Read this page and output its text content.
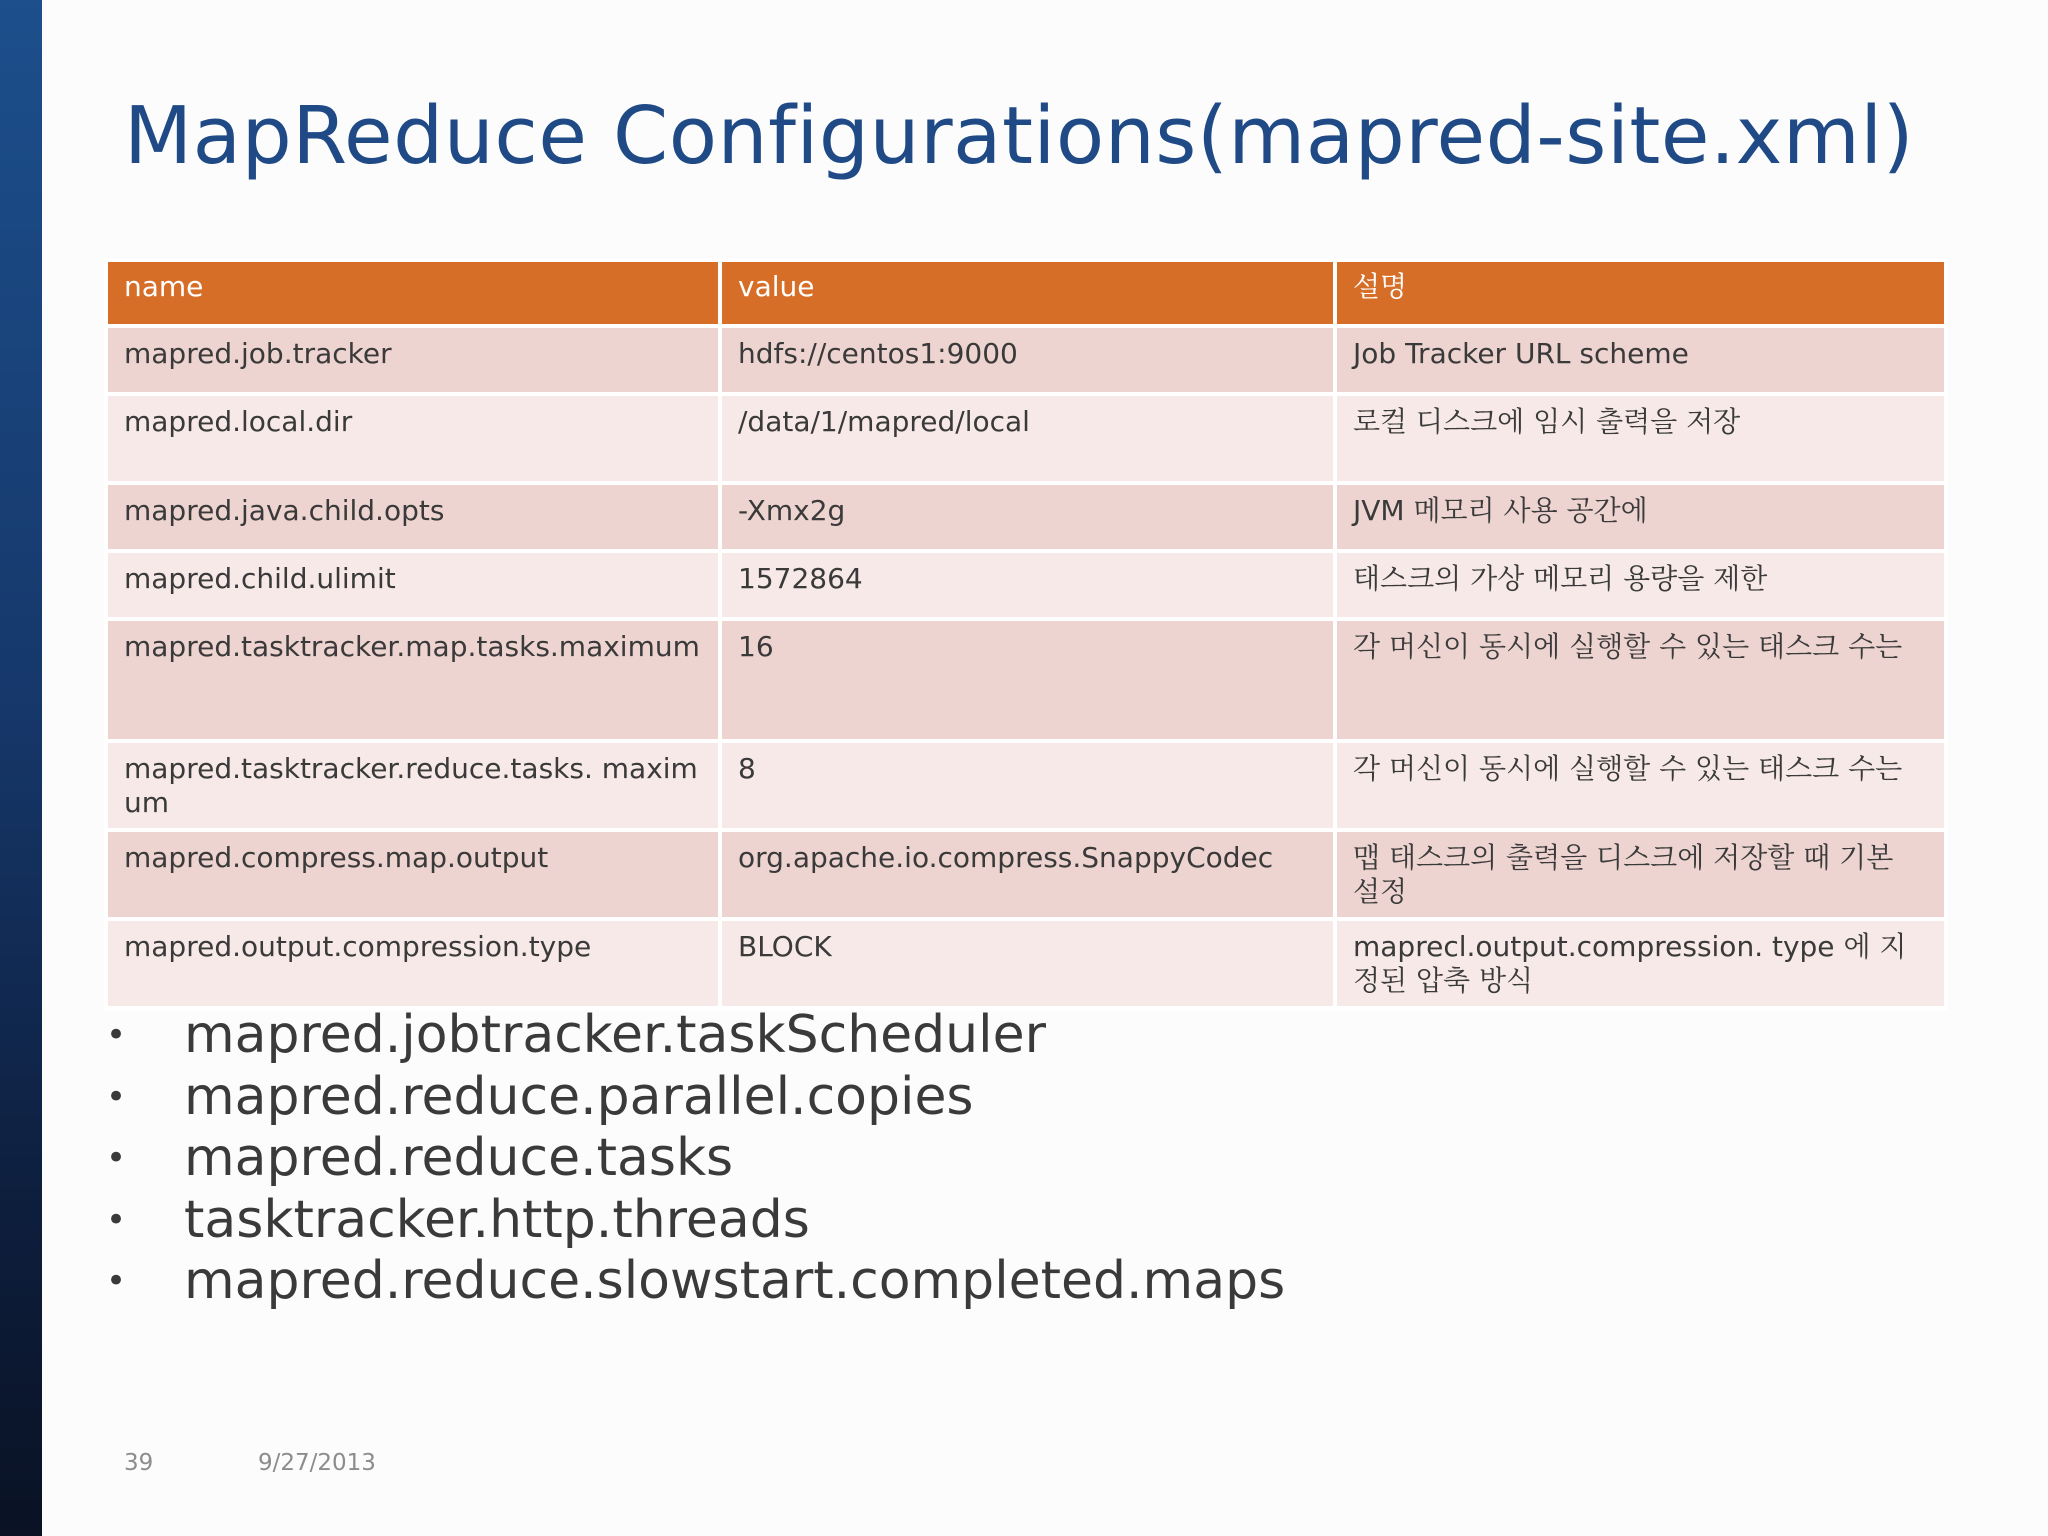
MapReduce Configurations(mapred-site.xml)
name	value	설명
mapred.job.tracker	hdfs://centos1:9000	Job Tracker URL scheme
mapred.local.dir	/data/1/mapred/local	로컬 디스크에 임시 출력을 저장
mapred.java.child.opts	-Xmx2g	JVM 메모리 사용 공간에
mapred.child.ulimit	1572864	태스크의 가상 메모리 용량을 제한
mapred.tasktracker.map.tasks.maximum	16	각 머신이 동시에 실행할 수 있는 태스크 수는
mapred.tasktracker.reduce.tasks. maximum	8	각 머신이 동시에 실행할 수 있는 태스크 수는
mapred.compress.map.output	org.apache.io.compress.SnappyCodec	맵 태스크의 출력을 디스크에 저장할 때 기본 설정
mapred.output.compression.type	BLOCK	maprecl.output.compression. type 에 지정된 압축 방식
• mapred.jobtracker.taskScheduler
• mapred.reduce.parallel.copies
• mapred.reduce.tasks
• tasktracker.http.threads
• mapred.reduce.slowstart.completed.maps
39	9/27/2013
